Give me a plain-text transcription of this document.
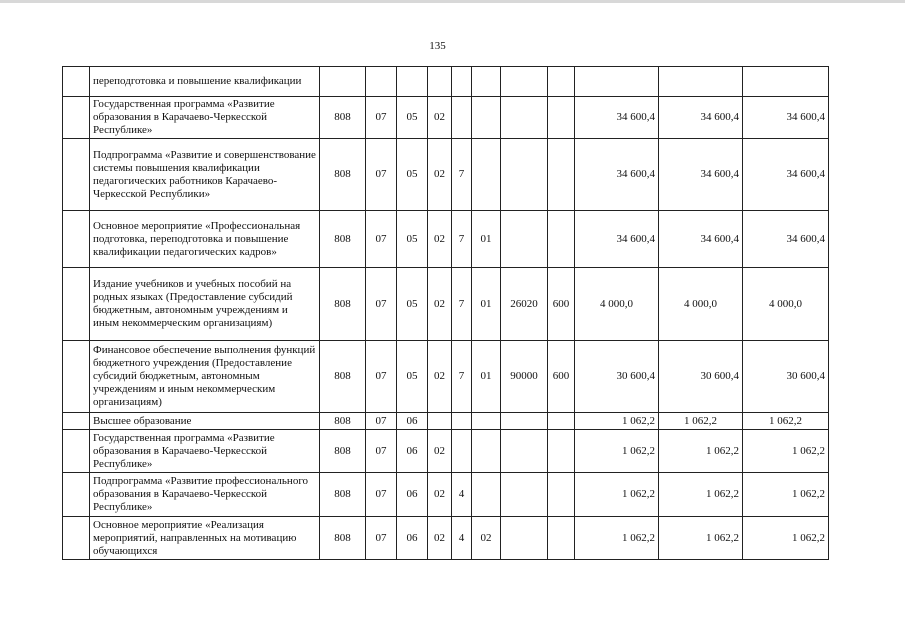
135
	переподготовка и повышение квалификации											
	Государственная программа «Развитие образования в Карачаево-Черкесской Республике»	808	07	05	02					34 600,4	34 600,4	34 600,4
	Подпрограмма «Развитие и совершенствование системы повышения квалификации педагогических работников Карачаево-Черкесской Республики»	808	07	05	02	7				34 600,4	34 600,4	34 600,4
	Основное мероприятие «Профессиональная подготовка, переподготовка и повышение квалификации педагогических кадров»	808	07	05	02	7	01			34 600,4	34 600,4	34 600,4
	Издание учебников и учебных пособий на родных языках (Предоставление субсидий бюджетным, автономным учреждениям и иным некоммерческим организациям)	808	07	05	02	7	01	26020	600	4 000,0	4 000,0	4 000,0
	Финансовое обеспечение выполнения функций бюджетного учреждения (Предоставление субсидий бюджетным, автономным учреждениям и иным некоммерческим организациям)	808	07	05	02	7	01	90000	600	30 600,4	30 600,4	30 600,4
	Высшее образование	808	07	06						1 062,2	1 062,2	1 062,2
	Государственная программа «Развитие образования в Карачаево-Черкесской Республике»	808	07	06	02					1 062,2	1 062,2	1 062,2
	Подпрограмма «Развитие профессионального образования в Карачаево-Черкесской Республике»	808	07	06	02	4				1 062,2	1 062,2	1 062,2
	Основное мероприятие «Реализация мероприятий, направленных на мотивацию обучающихся	808	07	06	02	4	02			1 062,2	1 062,2	1 062,2
